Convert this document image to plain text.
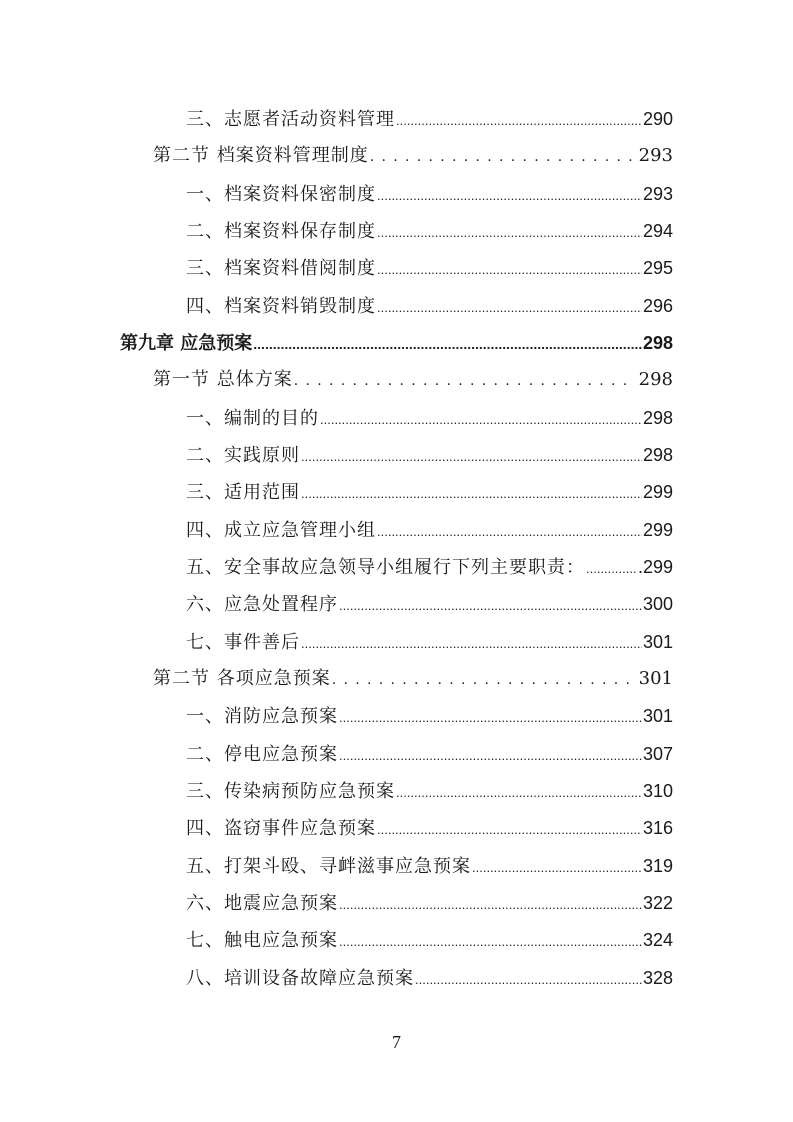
三、志愿者活动资料管理 .....	290
第二节 档案资料管理制度 .....	293
一、档案资料保密制度 .....	293
二、档案资料保存制度 .....	294
三、档案资料借阅制度 .....	295
四、档案资料销毁制度 .....	296
第九章 应急预案 .....	298
第一节 总体方案 .....	298
一、编制的目的 .....	298
二、实践原则 .....	298
三、适用范围 .....	299
四、成立应急管理小组 .....	299
五、安全事故应急领导小组履行下列主要职责： .....	.299
六、应急处置程序 .....	300
七、事件善后 .....	301
第二节 各项应急预案 .....	301
一、消防应急预案 .....	301
二、停电应急预案 .....	307
三、传染病预防应急预案 .....	310
四、盗窃事件应急预案 .....	316
五、打架斗殴、寻衅滋事应急预案 .....	319
六、地震应急预案 .....	322
七、触电应急预案 .....	324
八、培训设备故障应急预案 .....	328
7
